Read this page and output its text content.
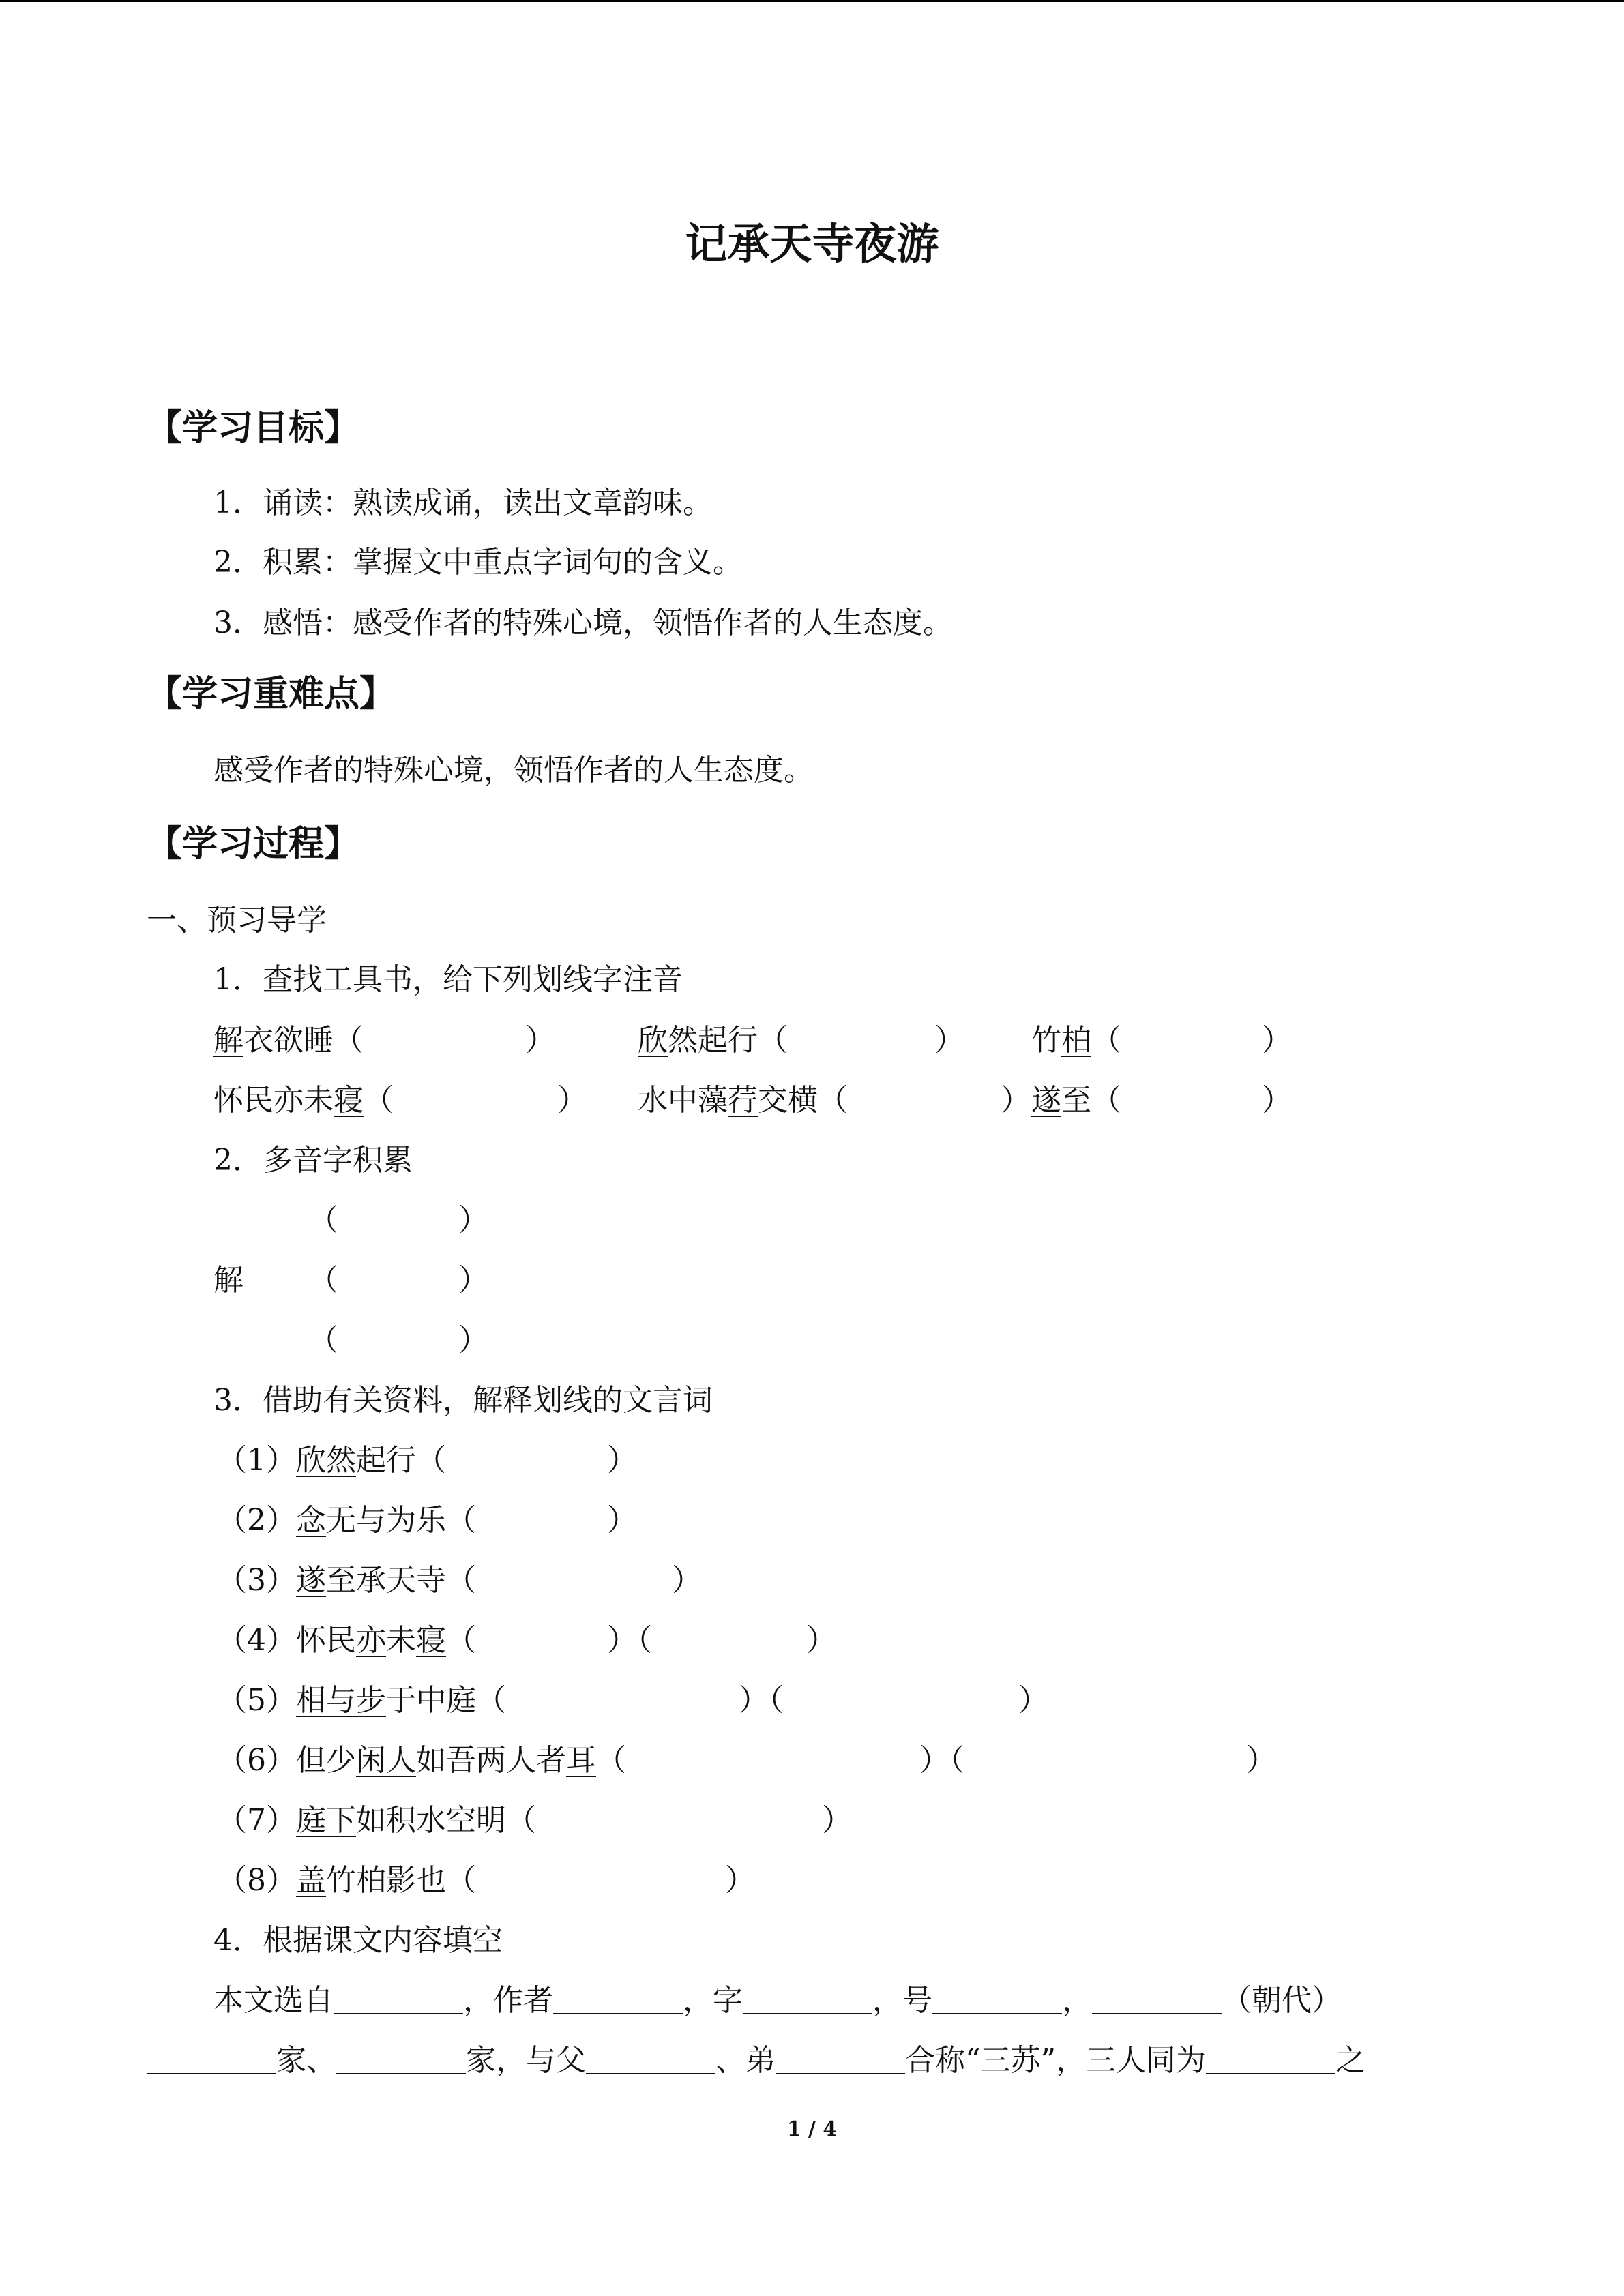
记承天寺夜游
【学习目标】
1．诵读：熟读成诵，读出文章韵味。
2．积累：掌握文中重点字词句的含义。
3．感悟：感受作者的特殊心境，领悟作者的人生态度。
【学习重难点】
感受作者的特殊心境，领悟作者的人生态度。
【学习过程】
一、预习导学
1．查找工具书，给下列划线字注音
解衣欲睡（	）	欣然起行（	） 竹柏（	）
怀民亦未寝（	） 水中藻荇交横（	） 遂至（	）
2．多音字积累
（	）
解 （	）
（	）
3．借助有关资料，解释划线的文言词
（1）欣然起行（	）
（2）念无与为乐（	）
（3）遂至承天寺（	）
（4）怀民亦未寝（	）（	）
（5）相与步于中庭（	）（	）
（6）但少闲人如吾两人者耳（	）（	）
（7）庭下如积水空明（	）
（8）盖竹柏影也（	）
4．根据课文内容填空
本文选自	，作者	，字	，号	，	（朝代）
家、	家，与父	、弟	合称“三苏”，三人同为	之
1 / 4
